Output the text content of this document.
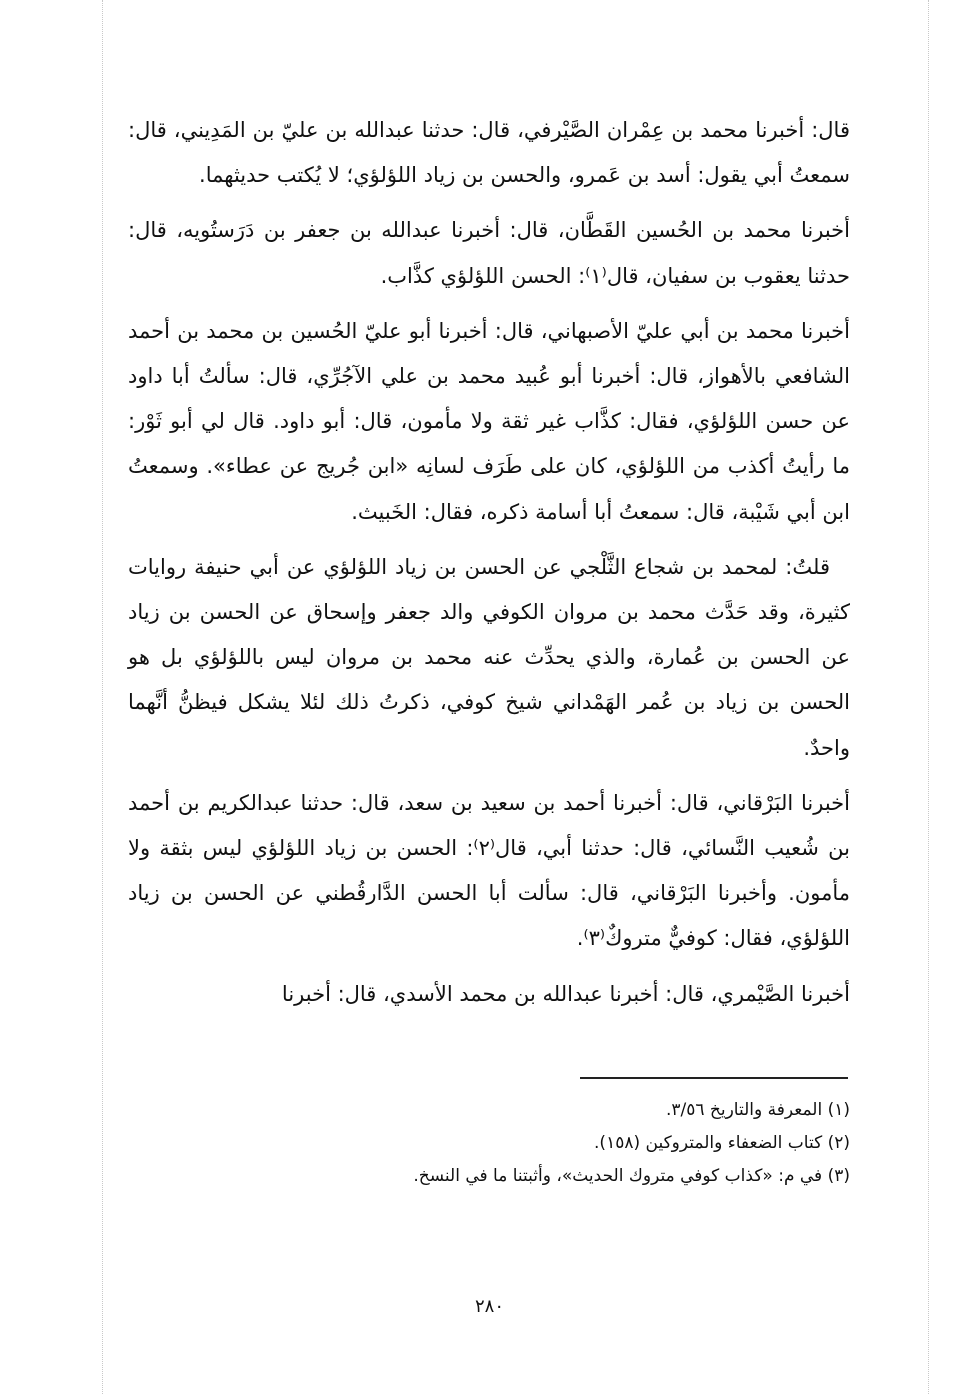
قال: أخبرنا محمد بن عِمْران الصَّيْرفي، قال: حدثنا عبدالله بن عليّ بن المَدِيني، قال: سمعتُ أبي يقول: أسد بن عَمرو، والحسن بن زياد اللؤلؤي؛ لا يُكتب حديثهما.

أخبرنا محمد بن الحُسين القَطَّان، قال: أخبرنا عبدالله بن جعفر بن دَرَستُويه، قال: حدثنا يعقوب بن سفيان، قال⁽١⁾: الحسن اللؤلؤي كذَّاب.

أخبرنا محمد بن أبي عليّ الأصبهاني، قال: أخبرنا أبو عليّ الحُسين بن محمد بن أحمد الشافعي بالأهواز، قال: أخبرنا أبو عُبيد محمد بن علي الآجُرِّي، قال: سألتُ أبا داود عن حسن اللؤلؤي، فقال: كذَّاب غير ثقة ولا مأمون، قال: أبو داود. قال لي أبو ثَوْر: ما رأيتُ أكذب من اللؤلؤي، كان على طَرَف لسانِه «ابن جُريج عن عطاء». وسمعتُ ابن أبي شَيْبة، قال: سمعتُ أبا أسامة ذكره، فقال: الخَبيث.

قلتُ: لمحمد بن شجاع الثَّلْجي عن الحسن بن زياد اللؤلؤي عن أبي حنيفة روايات كثيرة، وقد حَدَّث محمد بن مروان الكوفي والد جعفر وإسحاق عن الحسن بن زياد عن الحسن بن عُمارة، والذي يحدِّث عنه محمد بن مروان ليس باللؤلؤي بل هو الحسن بن زياد بن عُمر الهَمْداني شيخ كوفي، ذكرتُ ذلك لئلا يشكل فيظنُّ أنَّهما واحدٌ.

أخبرنا البَرْقاني، قال: أخبرنا أحمد بن سعيد بن سعد، قال: حدثنا عبدالكريم بن أحمد بن شُعيب النَّسائي، قال: حدثنا أبي، قال⁽٢⁾: الحسن بن زياد اللؤلؤي ليس بثقة ولا مأمون. وأخبرنا البَرْقاني، قال: سألت أبا الحسن الدَّارقُطني عن الحسن بن زياد اللؤلؤي، فقال: كوفيٌّ متروكٌ⁽٣⁾.

أخبرنا الصَّيْمري، قال: أخبرنا عبدالله بن محمد الأسدي، قال: أخبرنا

(١) المعرفة والتاريخ ٣/٥٦.

(٢) كتاب الضعفاء والمتروكين (١٥٨).

(٣) في م: «كذاب كوفي متروك الحديث»، وأثبتنا ما في النسخ.

٢٨٠
